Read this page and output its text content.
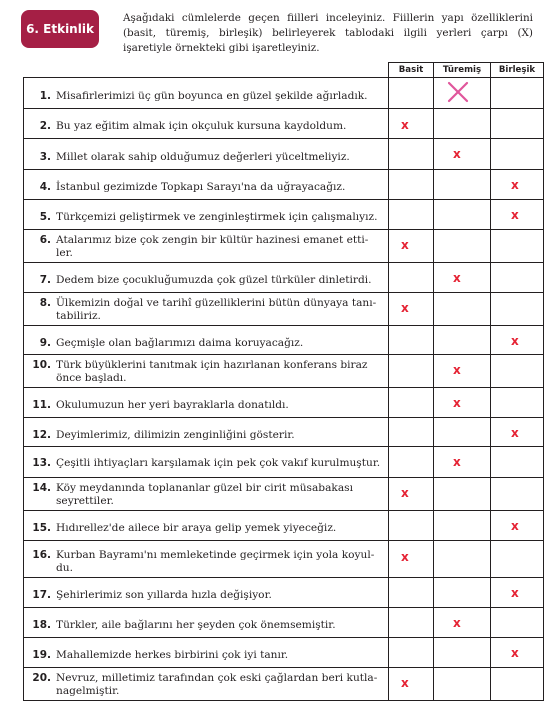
6. Etkinlik
Aşağıdaki cümlelerde geçen fiilleri inceleyiniz. Fiillerin yapı özelliklerini (basit, türemiş, birleşik) belirleyerek tablodaki ilgili yerleri çarpı (X) işaretiyle örnekteki gibi işaretleyiniz.
	Basit	Türemiş	Birleşik

1. Misafirlerimizi üç gün boyunca en güzel şekilde ağırladık.

2. Bu yaz eğitim almak için okçuluk kursuna kaydoldum.	x		

3. Millet olarak sahip olduğumuz değerleri yüceltmeliyiz.		x	

4. İstanbul gezimizde Topkapı Sarayı'na da uğrayacağız.			x

5. Türkçemizi geliştirmek ve zenginleştirmek için çalışmalıyız.			x

6. Atalarımız bize çok zengin bir kültür hazinesi emanet etti-ler.	x		

7. Dedem bize çocukluğumuzda çok güzel türküler dinletirdi.		x	

8. Ülkemizin doğal ve tarihî güzelliklerini bütün dünyaya tanı-tabiliriz.	x		

9. Geçmişle olan bağlarımızı daima koruyacağız.			x

10. Türk büyüklerini tanıtmak için hazırlanan konferans biraz önce başladı.		x	

11. Okulumuzun her yeri bayraklarla donatıldı.		x	

12. Deyimlerimiz, dilimizin zenginliğini gösterir.			x

13. Çeşitli ihtiyaçları karşılamak için pek çok vakıf kurulmuştur.		x	

14. Köy meydanında toplananlar güzel bir cirit müsabakası seyrettiler.	x		

15. Hıdırellez'de ailece bir araya gelip yemek yiyeceğiz.			x

16. Kurban Bayramı'nı memleketinde geçirmek için yola koyul-du.	x		

17. Şehirlerimiz son yıllarda hızla değişiyor.			x

18. Türkler, aile bağlarını her şeyden çok önemsemiştir.		x	

19. Mahallemizde herkes birbirini çok iyi tanır.			x

20. Nevruz, milletimiz tarafından çok eski çağlardan beri kutla-nagelmiştir.	x		
